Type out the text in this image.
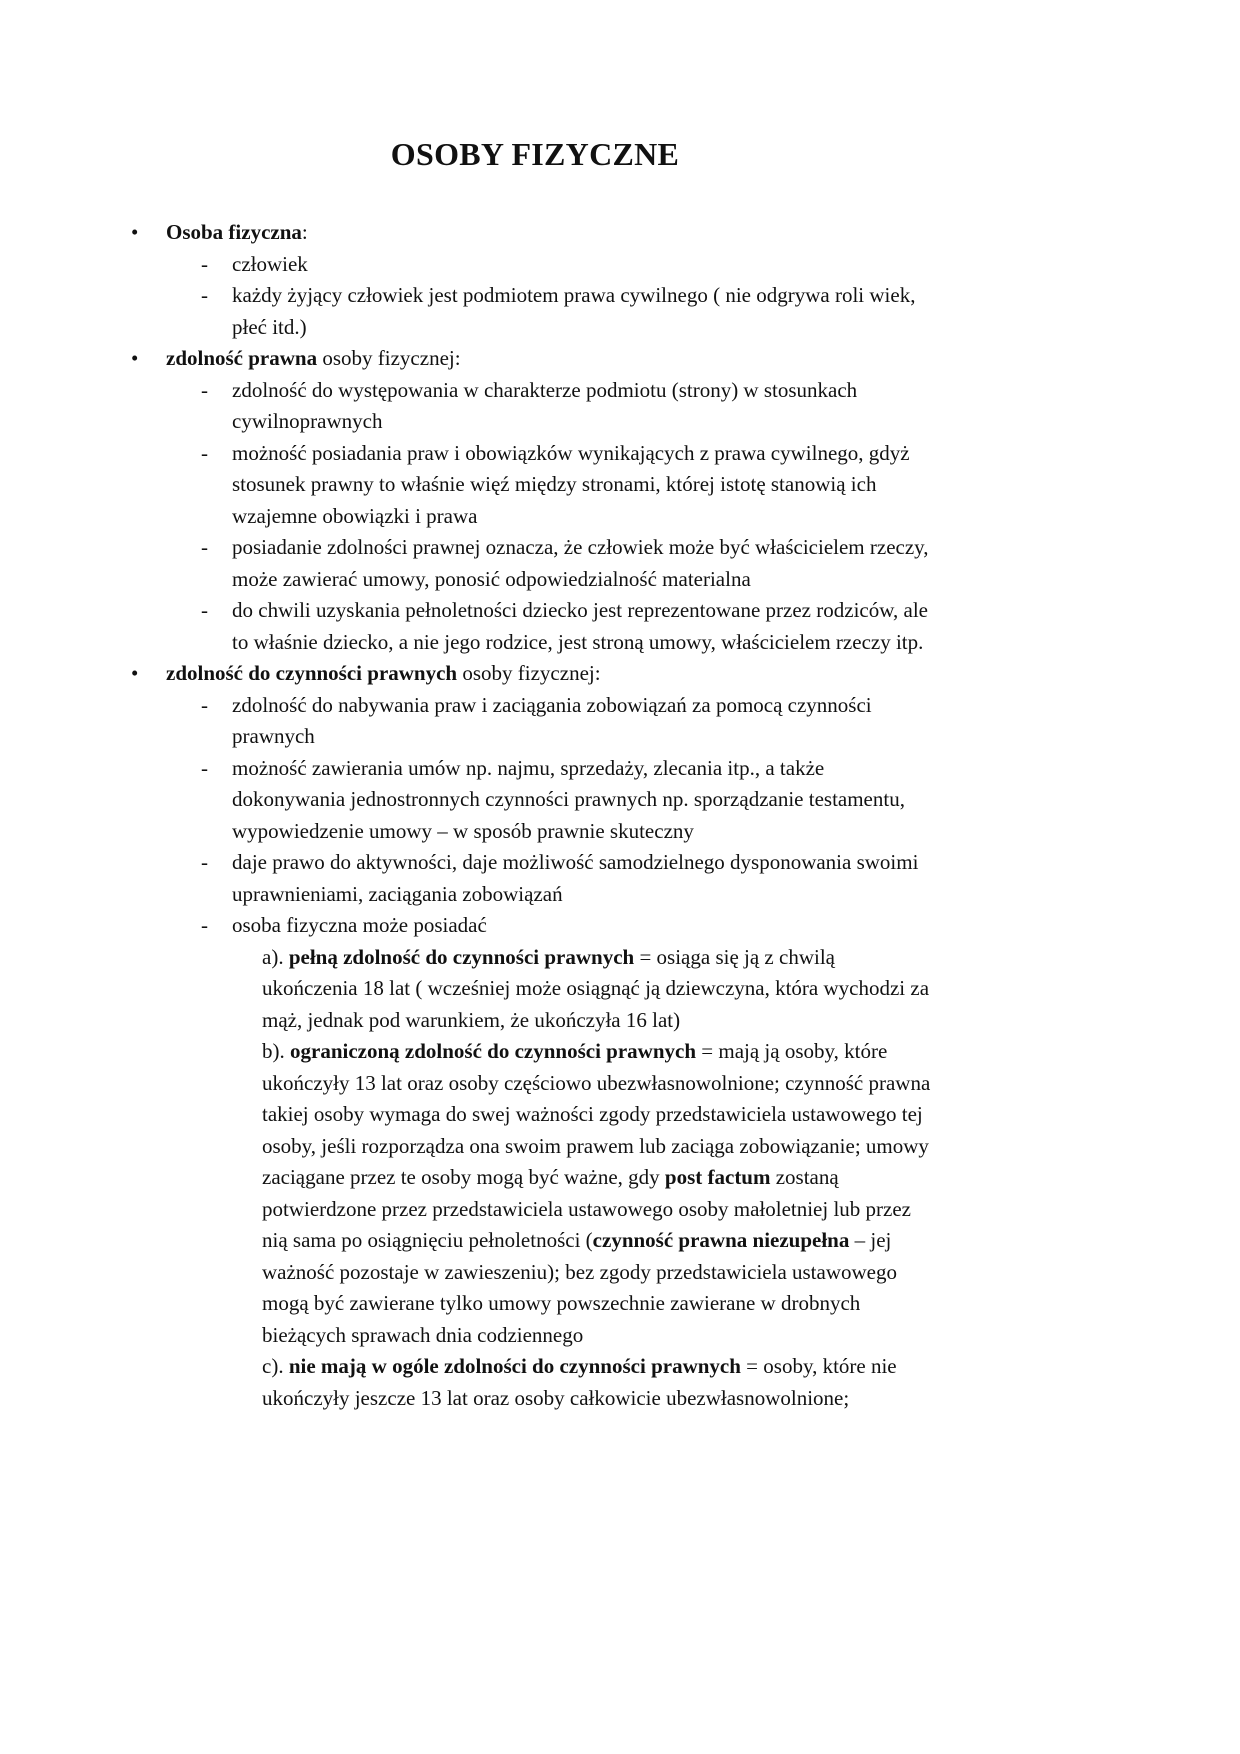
OSOBY FIZYCZNE
• Osoba fizyczna:
- człowiek
- każdy żyjący człowiek jest podmiotem prawa cywilnego ( nie odgrywa roli wiek,
płeć itd.)
• zdolność prawna osoby fizycznej:
- zdolność do występowania w charakterze podmiotu (strony) w stosunkach
cywilnoprawnych
- możność posiadania praw i obowiązków wynikających z prawa cywilnego, gdyż
stosunek prawny to właśnie więź między stronami, której istotę stanowią ich
wzajemne obowiązki i prawa
- posiadanie zdolności prawnej oznacza, że człowiek może być właścicielem rzeczy,
może zawierać umowy, ponosić odpowiedzialność materialna
- do chwili uzyskania pełnoletności dziecko jest reprezentowane przez rodziców, ale
to właśnie dziecko, a nie jego rodzice, jest stroną umowy, właścicielem rzeczy itp.
• zdolność do czynności prawnych osoby fizycznej:
- zdolność do nabywania praw i zaciągania zobowiązań za pomocą czynności
prawnych
- możność zawierania umów np. najmu, sprzedaży, zlecania itp., a także
dokonywania jednostronnych czynności prawnych np. sporządzanie testamentu,
wypowiedzenie umowy – w sposób prawnie skuteczny
- daje prawo do aktywności, daje możliwość samodzielnego dysponowania swoimi
uprawnieniami, zaciągania zobowiązań
- osoba fizyczna może posiadać
a). pełną zdolność do czynności prawnych = osiąga się ją z chwilą
ukończenia 18 lat ( wcześniej może osiągnąć ją dziewczyna, która wychodzi za
mąż, jednak pod warunkiem, że ukończyła 16 lat)
b). ograniczoną zdolność do czynności prawnych = mają ją osoby, które
ukończyły 13 lat oraz osoby częściowo ubezwłasnowolnione; czynność prawna
takiej osoby wymaga do swej ważności zgody przedstawiciela ustawowego tej
osoby, jeśli rozporządza ona swoim prawem lub zaciąga zobowiązanie; umowy
zaciągane przez te osoby mogą być ważne, gdy post factum zostaną
potwierdzone przez przedstawiciela ustawowego osoby małoletniej lub przez
nią sama po osiągnięciu pełnoletności (czynność prawna niezupełna – jej
ważność pozostaje w zawieszeniu); bez zgody przedstawiciela ustawowego
mogą być zawierane tylko umowy powszechnie zawierane w drobnych
bieżących sprawach dnia codziennego
c). nie mają w ogóle zdolności do czynności prawnych = osoby, które nie
ukończyły jeszcze 13 lat oraz osoby całkowicie ubezwłasnowolnione;
